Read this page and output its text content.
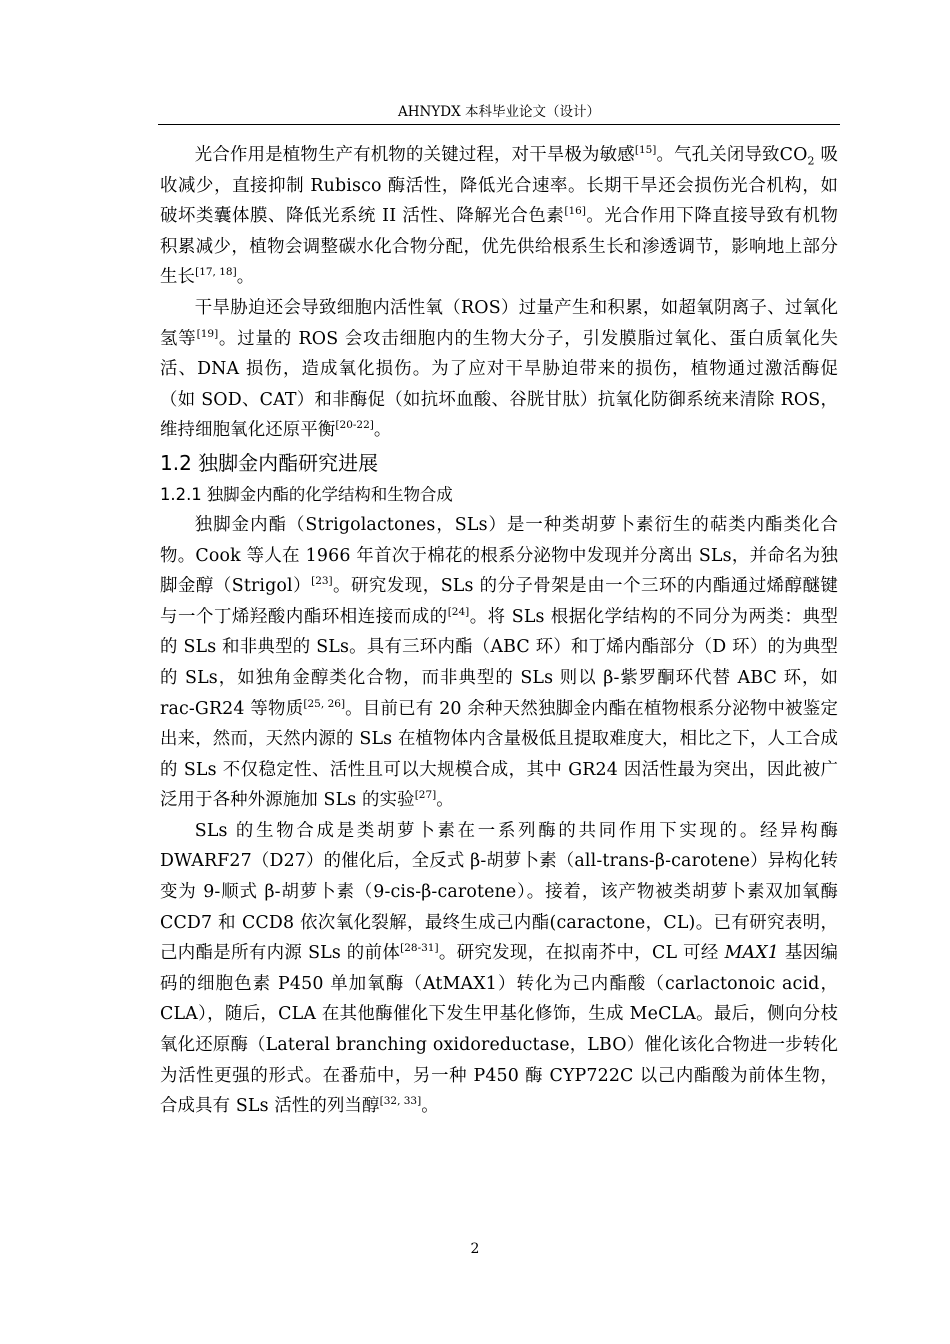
AHNYDX 本科毕业论文（设计）

光合作用是植物生产有机物的关键过程，对干旱极为敏感[15]。气孔关闭导致$CO_2$ 吸收减少，直接抑制 Rubisco 酶活性，降低光合速率。长期干旱还会损伤光合机构，如破坏类囊体膜、降低光系统 II 活性、降解光合色素[16]。光合作用下降直接导致有机物积累减少，植物会调整碳水化合物分配，优先供给根系生长和渗透调节，影响地上部分生长[17, 18]。

干旱胁迫还会导致细胞内活性氧（ROS）过量产生和积累，如超氧阴离子、过氧化氢等[19]。过量的 ROS 会攻击细胞内的生物大分子，引发膜脂过氧化、蛋白质氧化失活、DNA 损伤，造成氧化损伤。为了应对干旱胁迫带来的损伤，植物通过激活酶促（如 SOD、CAT）和非酶促（如抗坏血酸、谷胱甘肽）抗氧化防御系统来清除 ROS，维持细胞氧化还原平衡[20-22]。

1.2 独脚金内酯研究进展
1.2.1 独脚金内酯的化学结构和生物合成

独脚金内酯（Strigolactones，SLs）是一种类胡萝卜素衍生的萜类内酯类化合物。Cook 等人在 1966 年首次于棉花的根系分泌物中发现并分离出 SLs，并命名为独脚金醇（Strigol）[23]。研究发现，SLs 的分子骨架是由一个三环的内酯通过烯醇醚键与一个丁烯羟酸内酯环相连接而成的[24]。将 SLs 根据化学结构的不同分为两类：典型的 SLs 和非典型的 SLs。具有三环内酯（ABC 环）和丁烯内酯部分（D 环）的为典型的 SLs，如独角金醇类化合物，而非典型的 SLs 则以 β-紫罗酮环代替 ABC 环，如 rac-GR24 等物质[25, 26]。目前已有 20 余种天然独脚金内酯在植物根系分泌物中被鉴定出来，然而，天然内源的 SLs 在植物体内含量极低且提取难度大，相比之下，人工合成的 SLs 不仅稳定性、活性且可以大规模合成，其中 GR24 因活性最为突出，因此被广泛用于各种外源施加 SLs 的实验[27]。

SLs 的生物合成是类胡萝卜素在一系列酶的共同作用下实现的。经异构酶 DWARF27（D27）的催化后，全反式 β-胡萝卜素（all-trans-β-carotene）异构化转变为 9-顺式 β-胡萝卜素（9-cis-β-carotene）。接着，该产物被类胡萝卜素双加氧酶 CCD7 和 CCD8 依次氧化裂解，最终生成己内酯(caractone，CL)。已有研究表明，己内酯是所有内源 SLs 的前体[28-31]。研究发现，在拟南芥中，CL 可经 MAX1 基因编码的细胞色素 P450 单加氧酶（AtMAX1）转化为己内酯酸（carlactonoic acid，CLA），随后，CLA 在其他酶催化下发生甲基化修饰，生成 MeCLA。最后，侧向分枝氧化还原酶（Lateral branching oxidoreductase，LBO）催化该化合物进一步转化为活性更强的形式。在番茄中，另一种 P450 酶 CYP722C 以己内酯酸为前体生物，合成具有 SLs 活性的列当醇[32, 33]。

2
